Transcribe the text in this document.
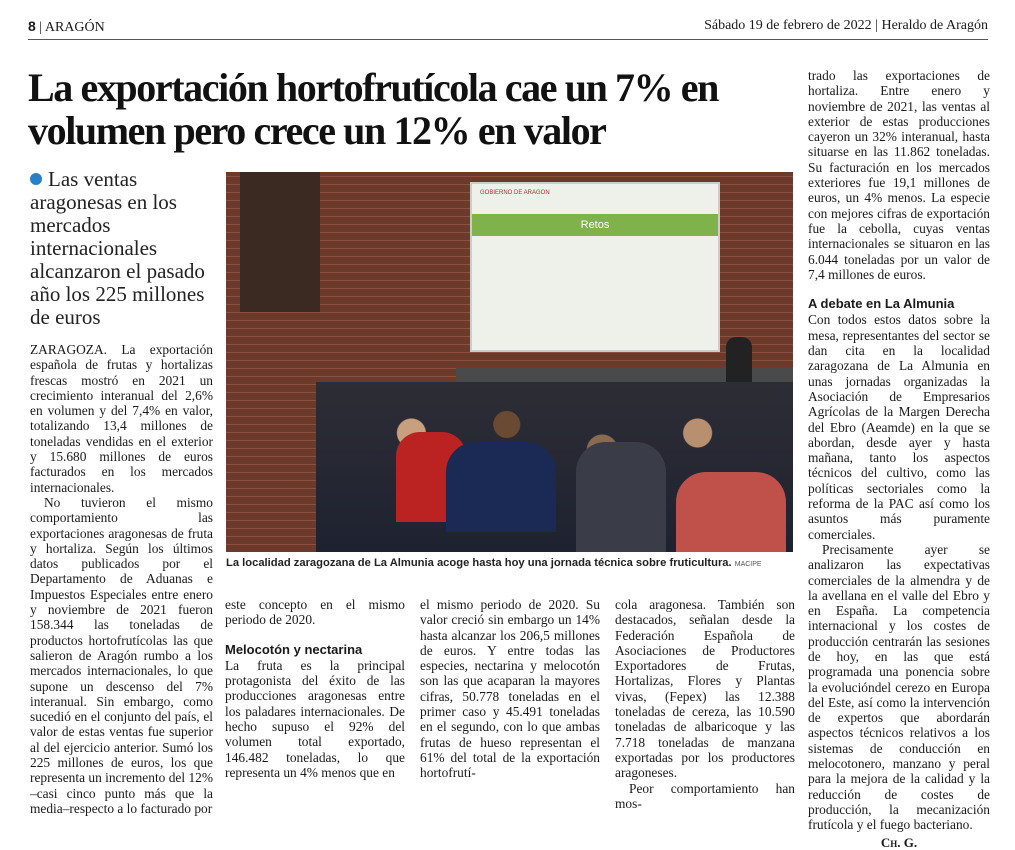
8 | ARAGÓN	Sábado 19 de febrero de 2022 | Heraldo de Aragón
La exportación hortofrutícola cae un 7% en volumen pero crece un 12% en valor
Las ventas aragonesas en los mercados internacionales alcanzaron el pasado año los 225 millones de euros
GOBIERNO DE ARAGON
Retos
La localidad zaragozana de La Almunia acoge hasta hoy una jornada técnica sobre fruticultura. MACIPE

ZARAGOZA. La exportación española de frutas y hortalizas frescas mostró en 2021 un crecimiento interanual del 2,6% en volumen y del 7,4% en valor, totalizando 13,4 millones de toneladas vendidas en el exterior y 15.680 millones de euros facturados en los mercados internacionales.

No tuvieron el mismo comportamiento las exportaciones aragonesas de fruta y hortaliza. Según los últimos datos publicados por el Departamento de Aduanas e Impuestos Especiales entre enero y noviembre de 2021 fueron 158.344 las toneladas de productos hortofrutícolas las que salieron de Aragón rumbo a los mercados internacionales, lo que supone un descenso del 7% interanual. Sin embargo, como sucedió en el conjunto del país, el valor de estas ventas fue superior al del ejercicio anterior. Sumó los 225 millones de euros, los que representa un incremento del 12% –casi cinco punto más que la media–respecto a lo facturado por

este concepto en el mismo periodo de 2020.

Melocotón y nectarina

La fruta es la principal protagonista del éxito de las producciones aragonesas entre los paladares internacionales. De hecho supuso el 92% del volumen total exportado, 146.482 toneladas, lo que representa un 4% menos que en

el mismo periodo de 2020. Su valor creció sin embargo un 14% hasta alcanzar los 206,5 millones de euros. Y entre todas las especies, nectarina y melocotón son las que acaparan la mayores cifras, 50.778 toneladas en el primer caso y 45.491 toneladas en el segundo, con lo que ambas frutas de hueso representan el 61% del total de la exportación hortofrutí-

cola aragonesa. También son destacados, señalan desde la Federación Española de Asociaciones de Productores Exportadores de Frutas, Hortalizas, Flores y Plantas vivas, (Fepex) las 12.388 toneladas de cereza, las 10.590 toneladas de albaricoque y las 7.718 toneladas de manzana exportadas por los productores aragoneses.

Peor comportamiento han mos-

trado las exportaciones de hortaliza. Entre enero y noviembre de 2021, las ventas al exterior de estas producciones cayeron un 32% interanual, hasta situarse en las 11.862 toneladas. Su facturación en los mercados exteriores fue 19,1 millones de euros, un 4% menos. La especie con mejores cifras de exportación fue la cebolla, cuyas ventas internacionales se situaron en las 6.044 toneladas por un valor de 7,4 millones de euros.

A debate en La Almunia

Con todos estos datos sobre la mesa, representantes del sector se dan cita en la localidad zaragozana de La Almunia en unas jornadas organizadas la Asociación de Empresarios Agrícolas de la Margen Derecha del Ebro (Aeamde) en la que se abordan, desde ayer y hasta mañana, tanto los aspectos técnicos del cultivo, como las políticas sectoriales como la reforma de la PAC así como los asuntos más puramente comerciales.

Precisamente ayer se analizaron las expectativas comerciales de la almendra y de la avellana en el valle del Ebro y en España. La competencia internacional y los costes de producción centrarán las sesiones de hoy, en las que está programada una ponencia sobre la evolucióndel cerezo en Europa del Este, así como la intervención de expertos que abordarán aspectos técnicos relativos a los sistemas de conducción en melocotonero, manzano y peral para la mejora de la calidad y la reducción de costes de producción, la mecanización frutícola y el fuego bacteriano.

Ch. G.
